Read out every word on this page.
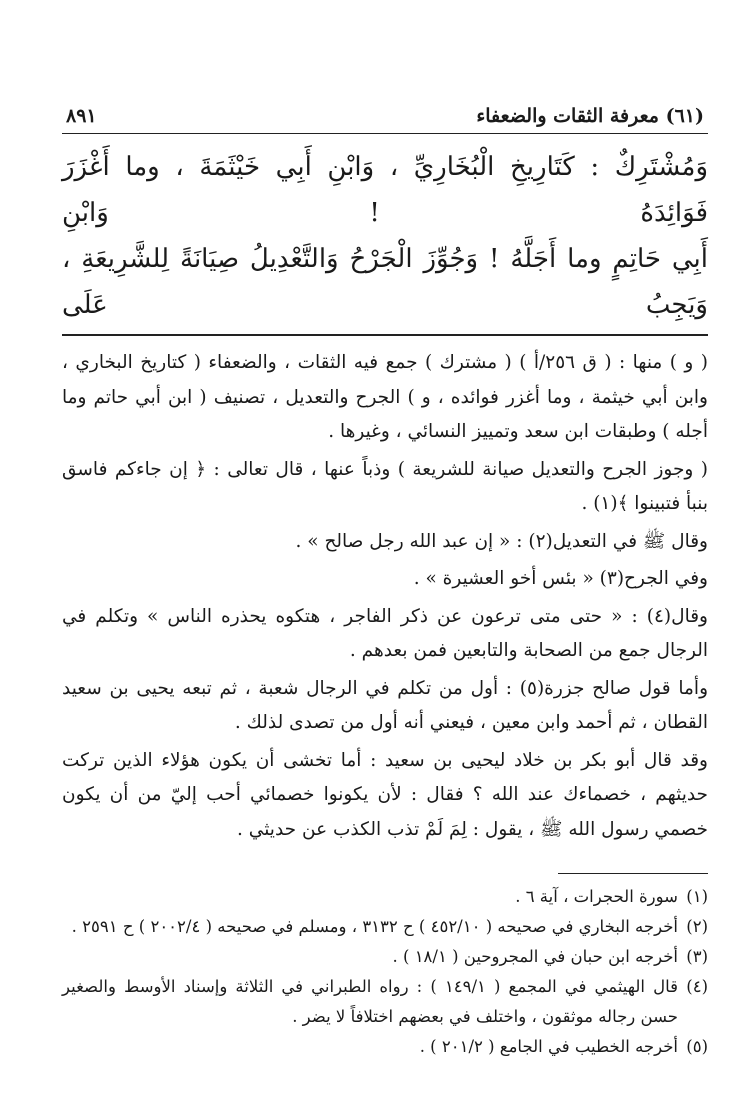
(٦١) معرفة الثقات والضعفاء
٨٩١
وَمُشْتَرِكٌ : كَتَارِيخِ الْبُخَارِيِّ ، وَابْنِ أَبِي خَيْثَمَةَ ، وما أَغْزَرَ فَوَائِدَهُ ! وَابْنِ
أَبِي حَاتِمٍ وما أَجَلَّهُ ! وَجُوِّزَ الْجَرْحُ وَالتَّعْدِيلُ صِيَانَةً لِلشَّرِيعَةِ ، وَيَجِبُ عَلَى

( و ) منها : ( ق ٢٥٦/أ ) ( مشترك ) جمع فيه الثقات ، والضعفاء ( كتاريخ البخاري ، وابن أبي خيثمة ، وما أغزر فوائده ، و ) الجرح والتعديل ، تصنيف ( ابن أبي حاتم وما أجله ) وطبقات ابن سعد وتمييز النسائي ، وغيرها .

( وجوز الجرح والتعديل صيانة للشريعة ) وذباً عنها ، قال تعالى : ﴿ إن جاءكم فاسق بنبأ فتبينوا ﴾(١) .

وقال ﷺ في التعديل(٢) : « إن عبد الله رجل صالح » .

وفي الجرح(٣) « بئس أخو العشيرة » .

وقال(٤) : « حتى متى ترعون عن ذكر الفاجر ، هتكوه يحذره الناس » وتكلم في الرجال جمع من الصحابة والتابعين فمن بعدهم .

وأما قول صالح جزرة(٥) : أول من تكلم في الرجال شعبة ، ثم تبعه يحيى بن سعيد القطان ، ثم أحمد وابن معين ، فيعني أنه أول من تصدى لذلك .

وقد قال أبو بكر بن خلاد ليحيى بن سعيد : أما تخشى أن يكون هؤلاء الذين تركت حديثهم ، خصماءك عند الله ؟ فقال : لأن يكونوا خصمائي أحب إليّ من أن يكون خصمي رسول الله ﷺ ، يقول : لِمَ لَمْ تذب الكذب عن حديثي .

(١)
سورة الحجرات ، آية ٦ .
(٢)
أخرجه البخاري في صحيحه ( ٤٥٢/١٠ ) ح ٣١٣٢ ، ومسلم في صحيحه ( ٢٠٠٢/٤ ) ح ٢٥٩١ .
(٣)
أخرجه ابن حبان في المجروحين ( ١٨/١ ) .
(٤)
قال الهيثمي في المجمع ( ١٤٩/١ ) : رواه الطبراني في الثلاثة وإسناد الأوسط والصغير حسن رجاله موثقون ، واختلف في بعضهم اختلافاً لا يضر .
(٥)
أخرجه الخطيب في الجامع ( ٢٠١/٢ ) .
